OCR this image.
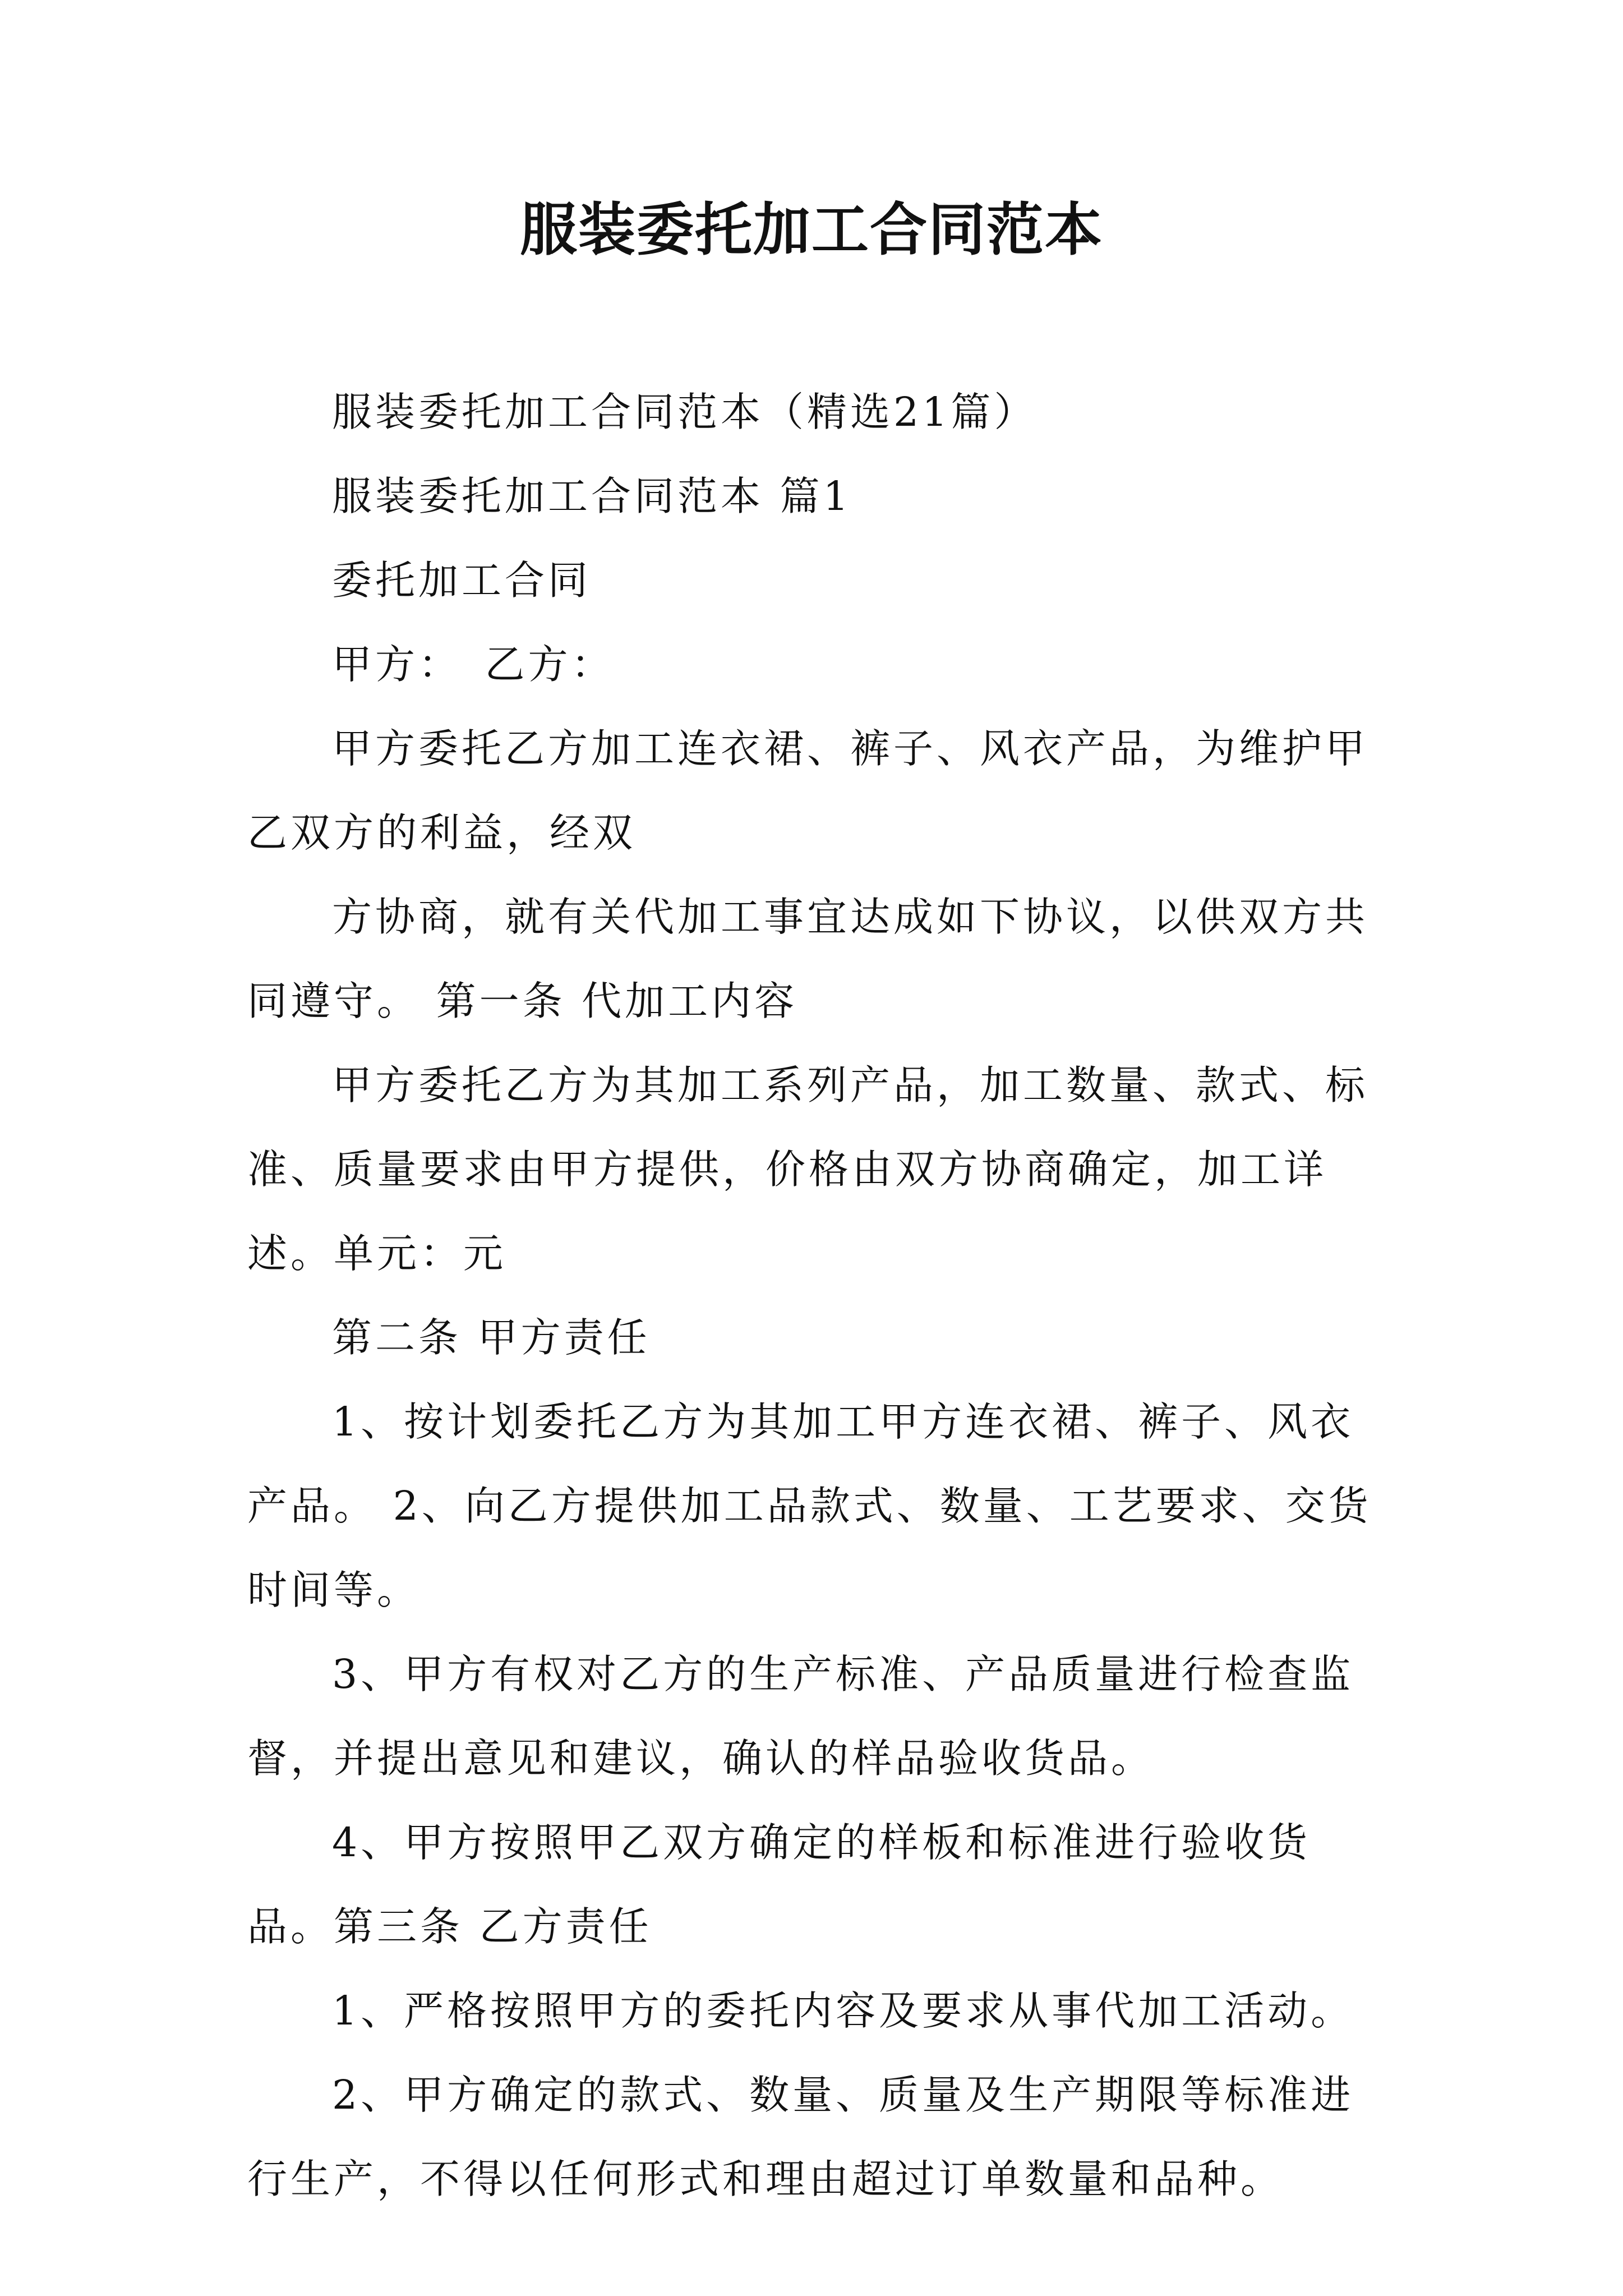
服装委托加工合同范本

服装委托加工合同范本（精选21篇）

服装委托加工合同范本 篇1

委托加工合同

甲方：　乙方：

甲方委托乙方加工连衣裙、裤子、风衣产品，为维护甲乙双方的利益，经双

方协商，就有关代加工事宜达成如下协议，以供双方共同遵守。 第一条 代加工内容

甲方委托乙方为其加工系列产品，加工数量、款式、标准、质量要求由甲方提供，价格由双方协商确定，加工详述。单元：元

第二条 甲方责任

1、按计划委托乙方为其加工甲方连衣裙、裤子、风衣产品。 2、向乙方提供加工品款式、数量、工艺要求、交货时间等。

3、甲方有权对乙方的生产标准、产品质量进行检查监督，并提出意见和建议，确认的样品验收货品。

4、甲方按照甲乙双方确定的样板和标准进行验收货品。第三条 乙方责任

1、严格按照甲方的委托内容及要求从事代加工活动。

2、甲方确定的款式、数量、质量及生产期限等标准进行生产，不得以任何形式和理由超过订单数量和品种。
